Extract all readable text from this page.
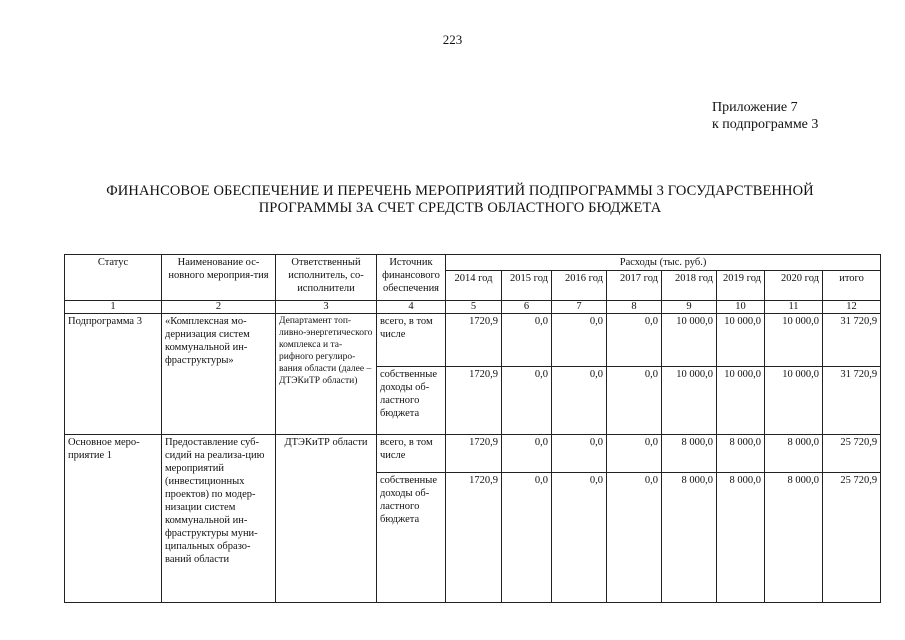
223
Приложение 7
к подпрограмме 3
ФИНАНСОВОЕ ОБЕСПЕЧЕНИЕ И ПЕРЕЧЕНЬ МЕРОПРИЯТИЙ ПОДПРОГРАММЫ 3 ГОСУДАРСТВЕННОЙ
ПРОГРАММЫ ЗА СЧЕТ СРЕДСТВ ОБЛАСТНОГО БЮДЖЕТА
Статус	Наименование ос-новного мероприя-тия	Ответственный исполнитель, со-исполнители	Источник финансового обеспечения	Расходы (тыс. руб.)							
				2014 год	2015 год	2016 год	2017 год	2018 год	2019 год	2020 год	итого
1	2	3	4	5	6	7	8	9	10	11	12
Подпрограмма 3	«Комплексная мо-дернизация систем коммунальной ин-фраструктуры»	Департамент топ-ливно-энергетического комплекса и та-рифного регулиро-вания области (далее – ДТЭКиТР области)	всего, в том числе	1720,9	0,0	0,0	0,0	10 000,0	10 000,0	10 000,0	31 720,9
			собственные доходы об-ластного бюджета	1720,9	0,0	0,0	0,0	10 000,0	10 000,0	10 000,0	31 720,9
Основное меро-приятие 1	Предоставление суб-сидий на реализа-цию мероприятий (инвестиционных проектов) по модер-низации систем коммунальной ин-фраструктуры муни-ципальных образо-ваний области	ДТЭКиТР области	всего, в том числе	1720,9	0,0	0,0	0,0	8 000,0	8 000,0	8 000,0	25 720,9
			собственные доходы об-ластного бюджета	1720,9	0,0	0,0	0,0	8 000,0	8 000,0	8 000,0	25 720,9
